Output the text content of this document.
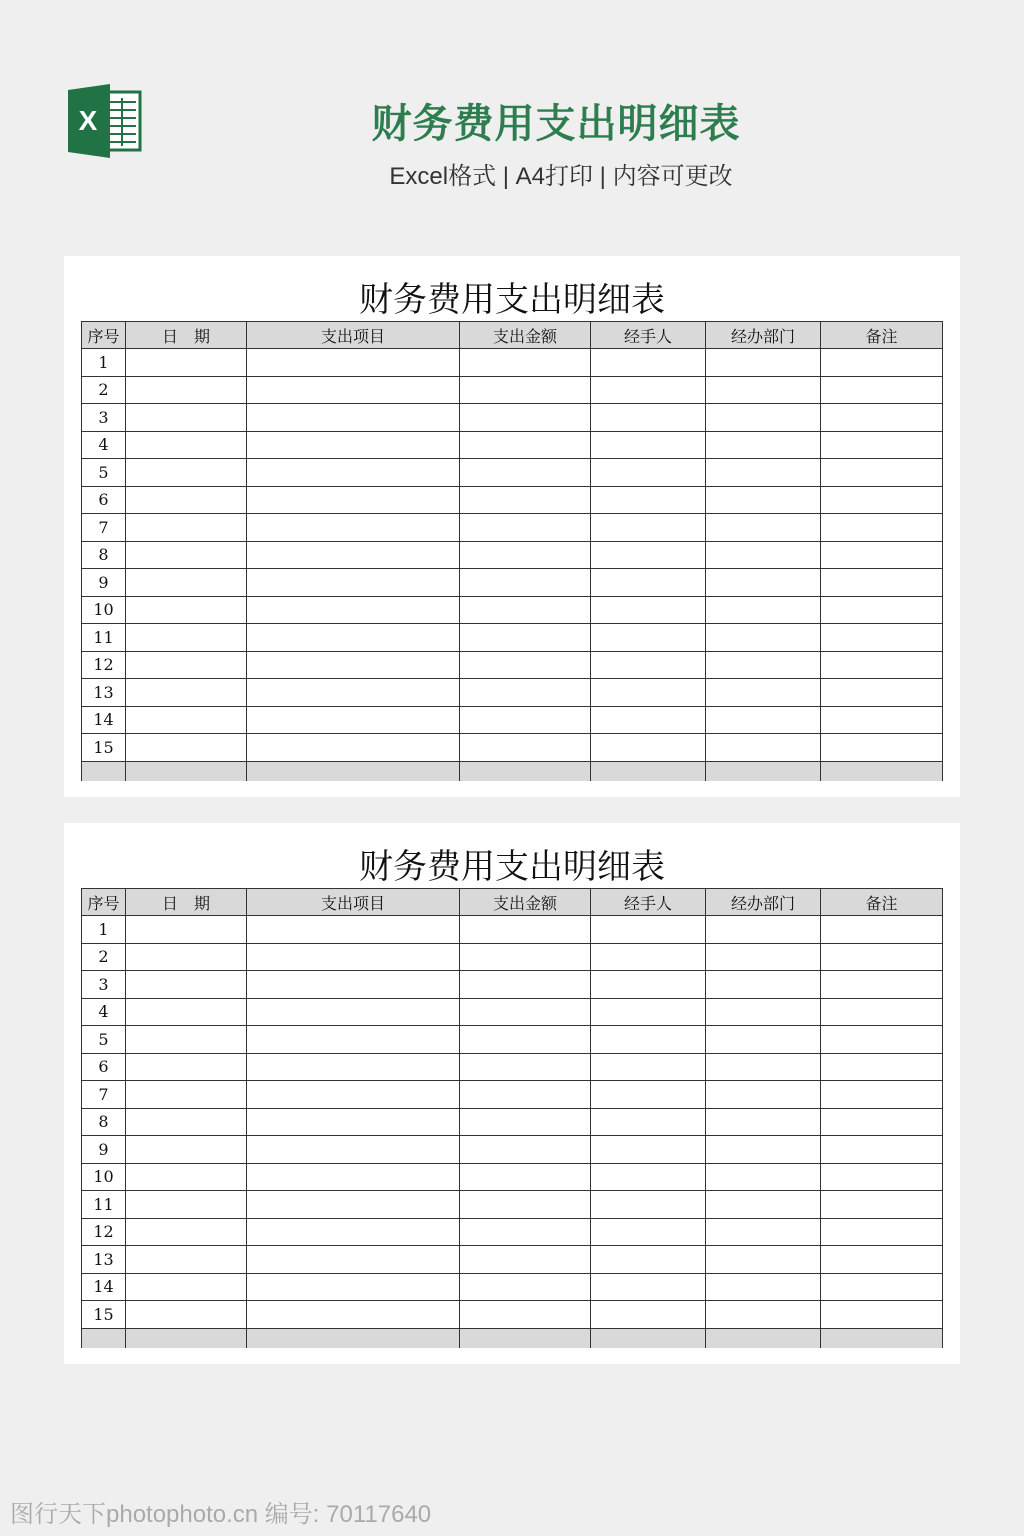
X	财务费用支出明细表
Excel格式 | A4打印 | 内容可更改
财务费用支出明细表
序号	日　期	支出项目	支出金额	经手人	经办部门	备注
1						
2						
3						
4						
5						
6						
7						
8						
9						
10						
11						
12						
13						
14						
15						

财务费用支出明细表
序号	日　期	支出项目	支出金额	经手人	经办部门	备注
1						
2						
3						
4						
5						
6						
7						
8						
9						
10						
11						
12						
13						
14						
15						

图行天下photophoto.cn 编号: 70117640
